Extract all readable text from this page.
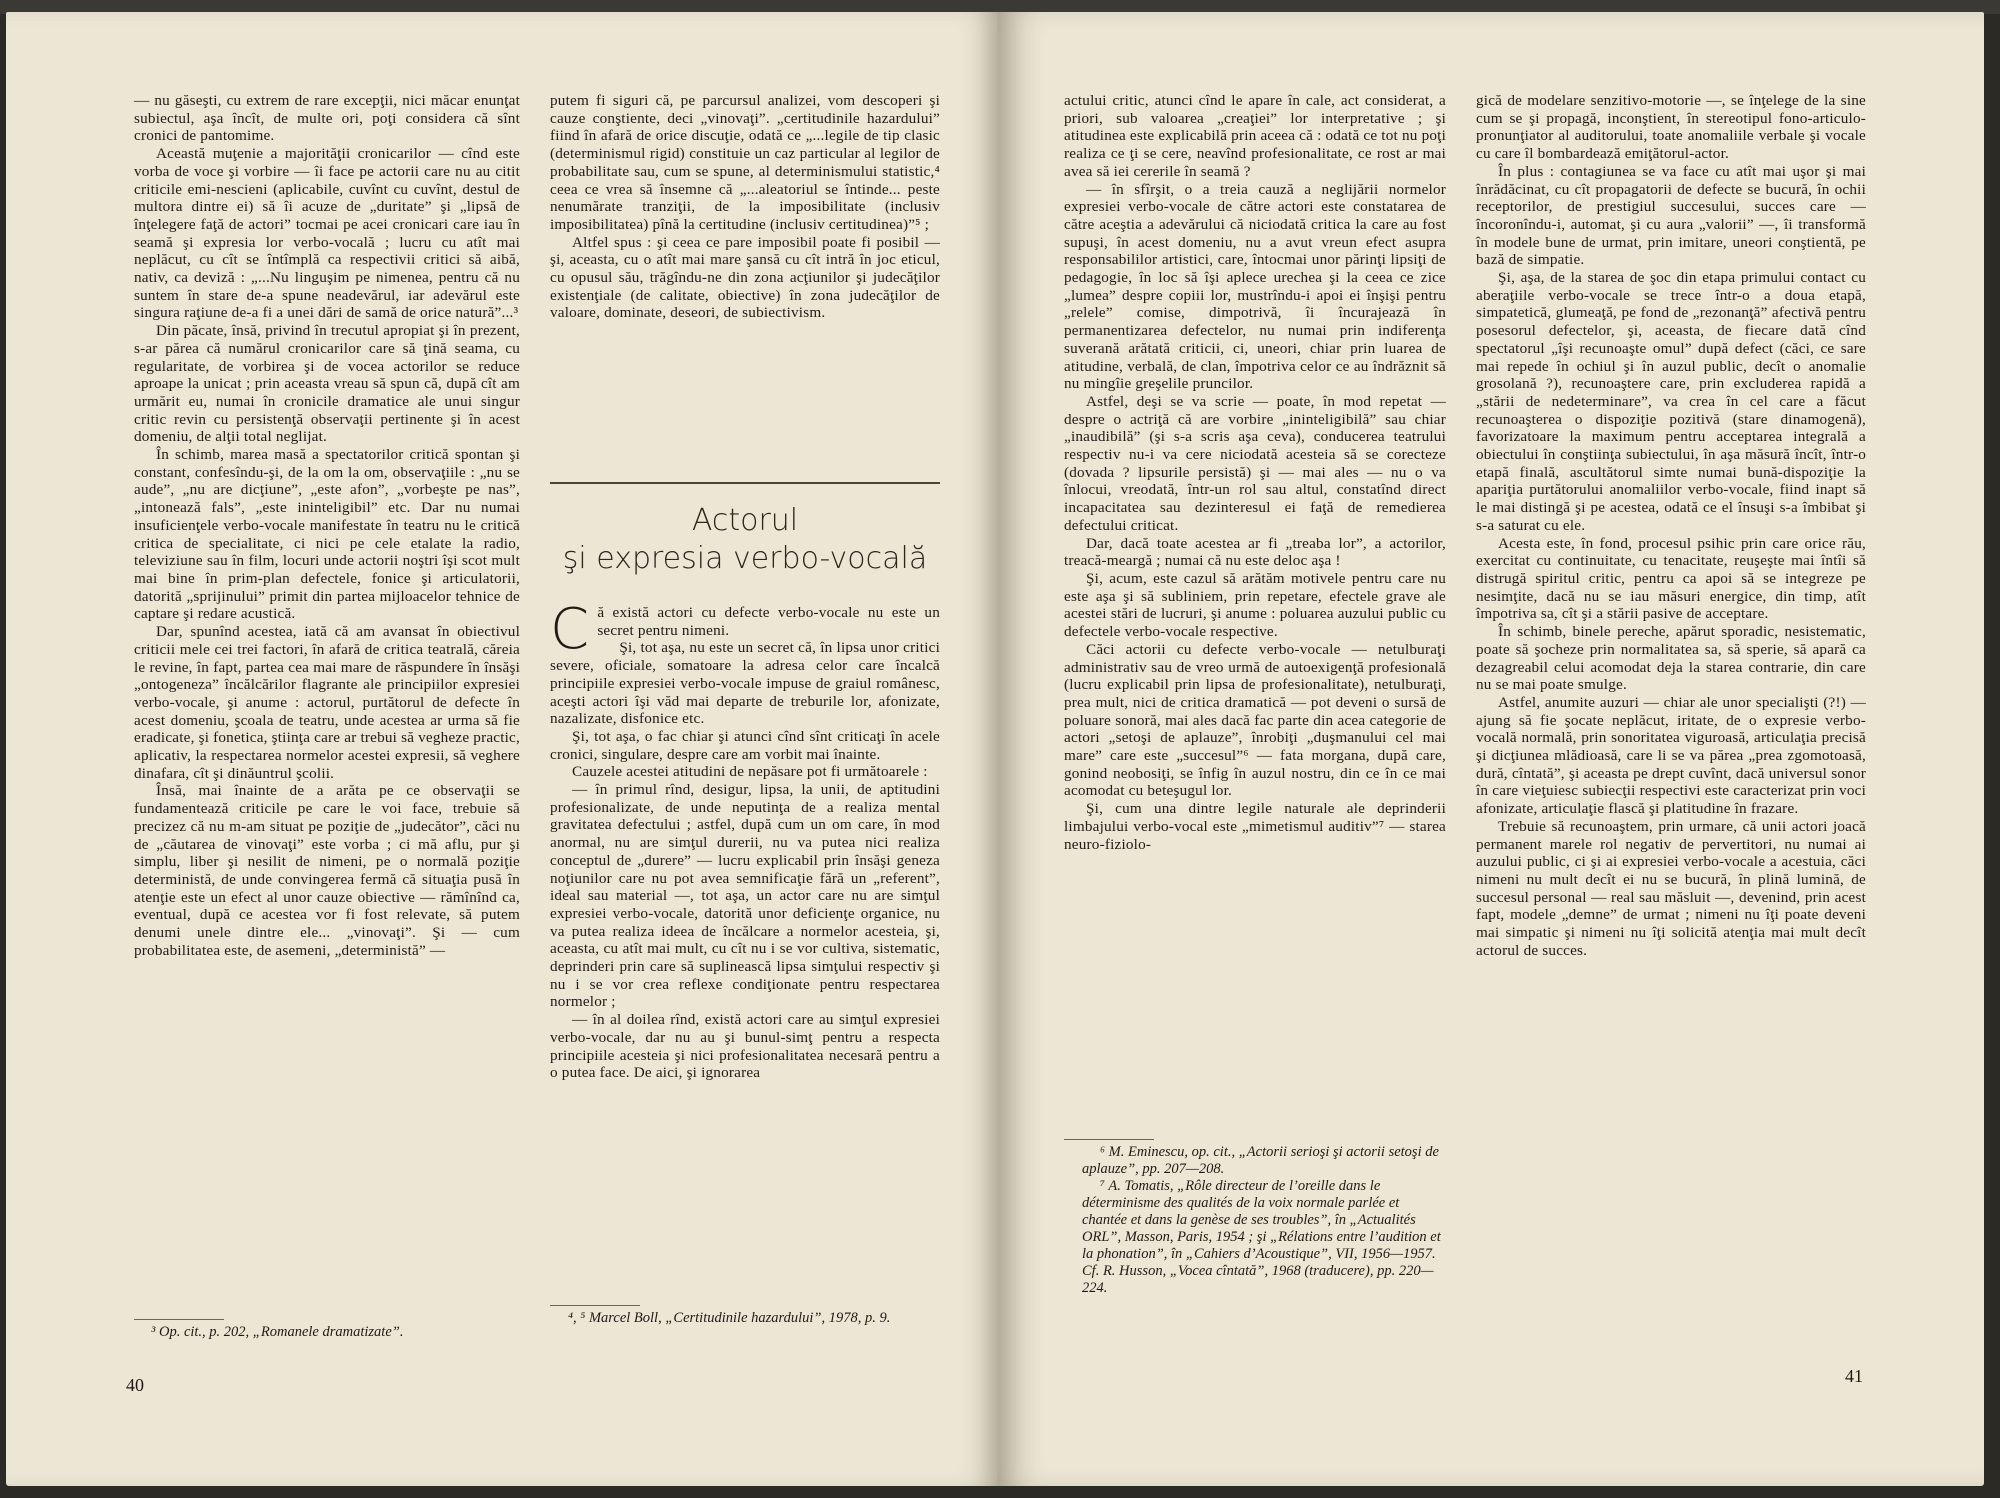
— nu găseşti, cu extrem de rare excepţii, nici măcar enunţat subiectul, aşa încît, de multe ori, poţi considera că sînt cronici de pantomime.

Această muţenie a majorităţii cronicarilor — cînd este vorba de voce şi vorbire — îi face pe actorii care nu au citit criticile emi-nescieni (aplicabile, cuvînt cu cuvînt, destul de multora dintre ei) să îi acuze de „duritate” şi „lipsă de înţelegere faţă de actori” tocmai pe acei cronicari care iau în seamă şi expresia lor verbo-vocală ; lucru cu atît mai neplăcut, cu cît se întîmplă ca respectivii critici să aibă, nativ, ca deviză : „...Nu linguşim pe nimenea, pentru că nu suntem în stare de-a spune neadevărul, iar adevărul este singura raţiune de-a fi a unei dări de samă de orice natură”...³

Din păcate, însă, privind în trecutul apropiat şi în prezent, s-ar părea că numărul cronicarilor care să ţină seama, cu regularitate, de vorbirea şi de vocea actorilor se reduce aproape la unicat ; prin aceasta vreau să spun că, după cît am urmărit eu, numai în cronicile dramatice ale unui singur critic revin cu persistenţă observaţii pertinente şi în acest domeniu, de alţii total neglijat.

În schimb, marea masă a spectatorilor critică spontan şi constant, confesîndu-şi, de la om la om, observaţiile : „nu se aude”, „nu are dicţiune”, „este afon”, „vorbeşte pe nas”, „intonează fals”, „este ininteligibil” etc. Dar nu numai insuficienţele verbo-vocale manifestate în teatru nu le critică critica de specialitate, ci nici pe cele etalate la radio, televiziune sau în film, locuri unde actorii noştri îşi scot mult mai bine în prim-plan defectele, fonice şi articulatorii, datorită „sprijinului” primit din partea mijloacelor tehnice de captare şi redare acustică.

Dar, spunînd acestea, iată că am avansat în obiectivul criticii mele cei trei factori, în afară de critica teatrală, căreia le revine, în fapt, partea cea mai mare de răspundere în însăşi „ontogeneza” încălcărilor flagrante ale principiilor expresiei verbo-vocale, şi anume : actorul, purtătorul de defecte în acest domeniu, şcoala de teatru, unde acestea ar urma să fie eradicate, şi fonetica, ştiinţa care ar trebui să vegheze practic, aplicativ, la respectarea normelor acestei expresii, să veghere dinafara, cît şi dinăuntrul şcolii.

Însă, mai înainte de a arăta pe ce observaţii se fundamentează criticile pe care le voi face, trebuie să precizez că nu m-am situat pe poziţie de „judecător”, căci nu de „căutarea de vinovaţi” este vorba ; ci mă aflu, pur şi simplu, liber şi nesilit de nimeni, pe o normală poziţie deterministă, de unde convingerea fermă că situaţia pusă în atenţie este un efect al unor cauze obiective — rămînînd ca, eventual, după ce acestea vor fi fost relevate, să putem denumi unele dintre ele... „vinovaţi”. Şi — cum probabilitatea este, de asemeni, „deterministă” —

³ Op. cit., p. 202, „Romanele dramatizate”.

putem fi siguri că, pe parcursul analizei, vom descoperi şi cauze conştiente, deci „vinovaţi”. „certitudinile hazardului” fiind în afară de orice discuţie, odată ce „...legile de tip clasic (determinismul rigid) constituie un caz particular al legilor de probabilitate sau, cum se spune, al determinismului statistic,⁴ ceea ce vrea să însemne că „...aleatoriul se întinde... peste nenumărate tranziţii, de la imposibilitate (inclusiv imposibilitatea) pînă la certitudine (inclusiv certitudinea)”⁵ ;

Altfel spus : şi ceea ce pare imposibil poate fi posibil — şi, aceasta, cu o atît mai mare şansă cu cît intră în joc eticul, cu opusul său, trăgîndu-ne din zona acţiunilor şi judecăţilor existenţiale (de calitate, obiective) în zona judecăţilor de valoare, dominate, deseori, de subiectivism.

Actorul
şi expresia verbo-vocală

Că există actori cu defecte verbo-vocale nu este un secret pentru nimeni.

Şi, tot aşa, nu este un secret că, în lipsa unor critici severe, oficiale, somatoare la adresa celor care încalcă principiile expresiei verbo-vocale impuse de graiul românesc, aceşti actori îşi văd mai departe de treburile lor, afonizate, nazalizate, disfonice etc.

Şi, tot aşa, o fac chiar şi atunci cînd sînt criticaţi în acele cronici, singulare, despre care am vorbit mai înainte.

Cauzele acestei atitudini de nepăsare pot fi următoarele :

— în primul rînd, desigur, lipsa, la unii, de aptitudini profesionalizate, de unde neputinţa de a realiza mental gravitatea defectului ; astfel, după cum un om care, în mod anormal, nu are simţul durerii, nu va putea nici realiza conceptul de „durere” — lucru explicabil prin însăşi geneza noţiunilor care nu pot avea semnificaţie fără un „referent”, ideal sau material —, tot aşa, un actor care nu are simţul expresiei verbo-vocale, datorită unor deficienţe organice, nu va putea realiza ideea de încălcare a normelor acesteia, şi, aceasta, cu atît mai mult, cu cît nu i se vor cultiva, sistematic, deprinderi prin care să suplinească lipsa simţului respectiv şi nu i se vor crea reflexe condiţionate pentru respectarea normelor ;

— în al doilea rînd, există actori care au simţul expresiei verbo-vocale, dar nu au şi bunul-simţ pentru a respecta principiile acesteia şi nici profesionalitatea necesară pentru a o putea face. De aici, şi ignorarea

⁴, ⁵ Marcel Boll, „Certitudinile hazardului”, 1978, p. 9.
40

actului critic, atunci cînd le apare în cale, act considerat, a priori, sub valoarea „creaţiei” lor interpretative ; şi atitudinea este explicabilă prin aceea că : odată ce tot nu poţi realiza ce ţi se cere, neavînd profesionalitate, ce rost ar mai avea să iei cererile în seamă ?

— în sfîrşit, o a treia cauză a neglijării normelor expresiei verbo-vocale de către actori este constatarea de către aceştia a adevărului că niciodată critica la care au fost supuşi, în acest domeniu, nu a avut vreun efect asupra responsabililor artistici, care, întocmai unor părinţi lipsiţi de pedagogie, în loc să îşi aplece urechea şi la ceea ce zice „lumea” despre copiii lor, mustrîndu-i apoi ei înşişi pentru „relele” comise, dimpotrivă, îi încurajează în permanentizarea defectelor, nu numai prin indiferenţa suverană arătată criticii, ci, uneori, chiar prin luarea de atitudine, verbală, de clan, împotriva celor ce au îndrăznit să nu mingîie greşelile pruncilor.

Astfel, deşi se va scrie — poate, în mod repetat — despre o actriţă că are vorbire „ininteligibilă” sau chiar „inaudibilă” (şi s-a scris aşa ceva), conducerea teatrului respectiv nu-i va cere niciodată acesteia să se corecteze (dovada ? lipsurile persistă) şi — mai ales — nu o va înlocui, vreodată, într-un rol sau altul, constatînd direct incapacitatea sau dezinteresul ei faţă de remedierea defectului criticat.

Dar, dacă toate acestea ar fi „treaba lor”, a actorilor, treacă-meargă ; numai că nu este deloc aşa !

Şi, acum, este cazul să arătăm motivele pentru care nu este aşa şi să subliniem, prin repetare, efectele grave ale acestei stări de lucruri, şi anume : poluarea auzului public cu defectele verbo-vocale respective.

Căci actorii cu defecte verbo-vocale — netulburaţi administrativ sau de vreo urmă de autoexigenţă profesională (lucru explicabil prin lipsa de profesionalitate), netulburaţi, prea mult, nici de critica dramatică — pot deveni o sursă de poluare sonoră, mai ales dacă fac parte din acea categorie de actori „setoşi de aplauze”, înrobiţi „duşmanului cel mai mare” care este „succesul”⁶ — fata morgana, după care, gonind neobosiţi, se înfig în auzul nostru, din ce în ce mai acomodat cu beteşugul lor.

Şi, cum una dintre legile naturale ale deprinderii limbajului verbo-vocal este „mimetismul auditiv”⁷ — starea neuro-fiziolo-

⁶ M. Eminescu, op. cit., „Actorii serioşi şi actorii setoşi de aplauze”, pp. 207—208.
⁷ A. Tomatis, „Rôle directeur de l’oreille dans le déterminisme des qualités de la voix normale parlée et chantée et dans la genèse de ses troubles”, în „Actualités ORL”, Masson, Paris, 1954 ; şi „Rélations entre l’audition et la phonation”, în „Cahiers d’Acoustique”, VII, 1956—1957. Cf. R. Husson, „Vocea cîntată”, 1968 (traducere), pp. 220—224.

gică de modelare senzitivo-motorie —, se înţelege de la sine cum se şi propagă, inconştient, în stereotipul fono-articulo-pronunţiator al auditorului, toate anomaliile verbale şi vocale cu care îl bombardează emiţătorul-actor.

În plus : contagiunea se va face cu atît mai uşor şi mai înrădăcinat, cu cît propagatorii de defecte se bucură, în ochii receptorilor, de prestigiul succesului, succes care — încoronîndu-i, automat, şi cu aura „valorii” —, îi transformă în modele bune de urmat, prin imitare, uneori conştientă, pe bază de simpatie.

Şi, aşa, de la starea de şoc din etapa primului contact cu aberaţiile verbo-vocale se trece într-o a doua etapă, simpatetică, glumeaţă, pe fond de „rezonanţă” afectivă pentru posesorul defectelor, şi, aceasta, de fiecare dată cînd spectatorul „îşi recunoaşte omul” după defect (căci, ce sare mai repede în ochiul şi în auzul public, decît o anomalie grosolană ?), recunoaştere care, prin excluderea rapidă a „stării de nedeterminare”, va crea în cel care a făcut recunoaşterea o dispoziţie pozitivă (stare dinamogenă), favorizatoare la maximum pentru acceptarea integrală a obiectului în conştiinţa subiectului, în aşa măsură încît, într-o etapă finală, ascultătorul simte numai bună-dispoziţie la apariţia purtătorului anomaliilor verbo-vocale, fiind inapt să le mai distingă şi pe acestea, odată ce el însuşi s-a îmbibat şi s-a saturat cu ele.

Acesta este, în fond, procesul psihic prin care orice rău, exercitat cu continuitate, cu tenacitate, reuşeşte mai întîi să distrugă spiritul critic, pentru ca apoi să se integreze pe nesimţite, dacă nu se iau măsuri energice, din timp, atît împotriva sa, cît şi a stării pasive de acceptare.

În schimb, binele pereche, apărut sporadic, nesistematic, poate să şocheze prin normalitatea sa, să sperie, să apară ca dezagreabil celui acomodat deja la starea contrarie, din care nu se mai poate smulge.

Astfel, anumite auzuri — chiar ale unor specialişti (?!) — ajung să fie şocate neplăcut, iritate, de o expresie verbo-vocală normală, prin sonoritatea viguroasă, articulaţia precisă şi dicţiunea mlădioasă, care li se va părea „prea zgomotoasă, dură, cîntată”, şi aceasta pe drept cuvînt, dacă universul sonor în care vieţuiesc subiecţii respectivi este caracterizat prin voci afonizate, articulaţie flască şi platitudine în frazare.

Trebuie să recunoaştem, prin urmare, că unii actori joacă permanent marele rol negativ de pervertitori, nu numai ai auzului public, ci şi ai expresiei verbo-vocale a acestuia, căci nimeni nu mult decît ei nu se bucură, în plină lumină, de succesul personal — real sau măsluit —, devenind, prin acest fapt, modele „demne” de urmat ; nimeni nu îţi poate deveni mai simpatic şi nimeni nu îţi solicită atenţia mai mult decît actorul de succes.

41
